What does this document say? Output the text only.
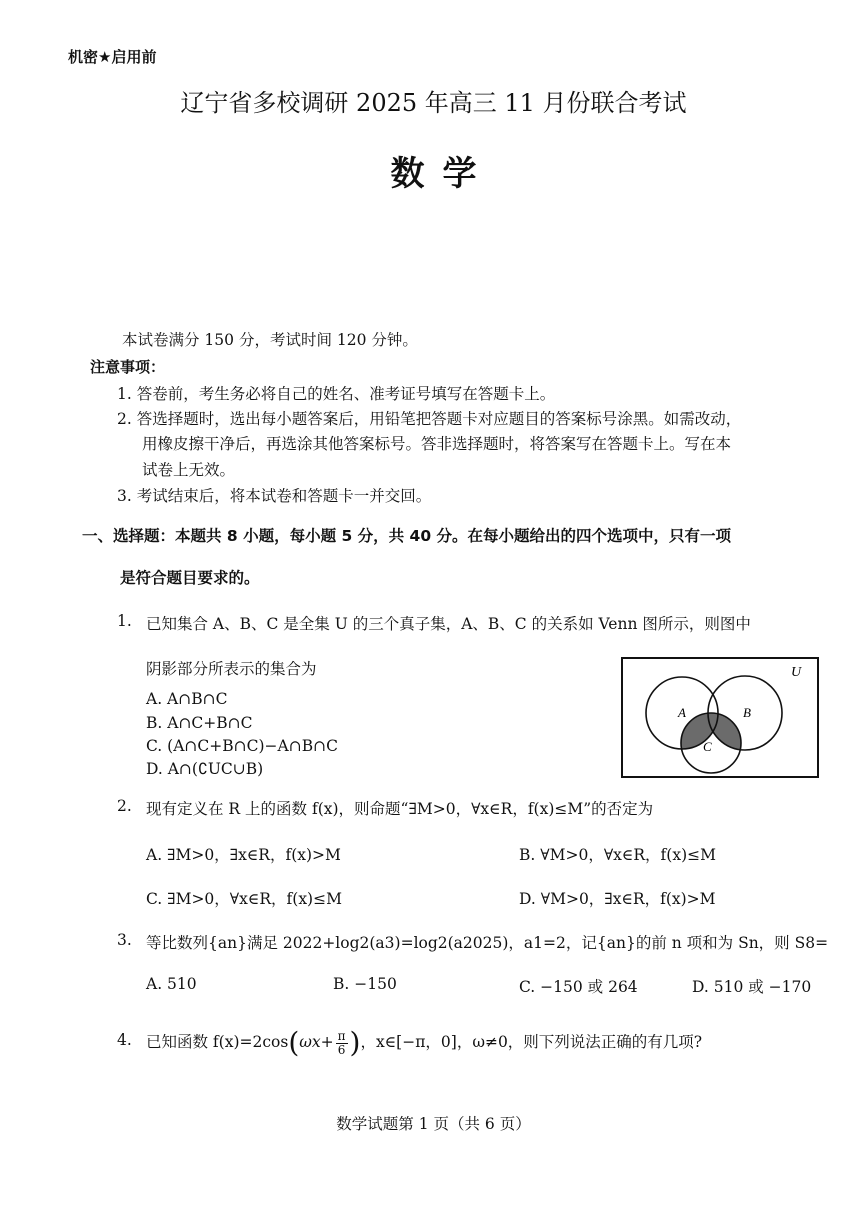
机密★启用前
辽宁省多校调研 2025 年高三 11 月份联合考试
数学
本试卷满分 150 分，考试时间 120 分钟。
注意事项：
1. 答卷前，考生务必将自己的姓名、准考证号填写在答题卡上。
2. 答选择题时，选出每小题答案后，用铅笔把答题卡对应题目的答案标号涂黑。如需改动，
用橡皮擦干净后，再选涂其他答案标号。答非选择题时，将答案写在答题卡上。写在本
试卷上无效。
3. 考试结束后，将本试卷和答题卡一并交回。
一、选择题：本题共 8 小题，每小题 5 分，共 40 分。在每小题给出的四个选项中，只有一项
是符合题目要求的。
1. 已知集合 A、B、C 是全集 U 的三个真子集，A、B、C 的关系如 Venn 图所示，则图中
阴影部分所表示的集合为
A. A∩B∩C
B. A∩C+B∩C
C. (A∩C+B∩C)−A∩B∩C
D. A∩(∁UC∪B)
U
A	B
C
2. 现有定义在 R 上的函数 f(x)，则命题“∃M>0，∀x∈R，f(x)≤M”的否定为
A. ∃M>0，∃x∈R，f(x)>M	B. ∀M>0，∀x∈R，f(x)≤M
C. ∃M>0，∀x∈R，f(x)≤M	D. ∀M>0，∃x∈R，f(x)>M
3. 等比数列{an}满足 2022+log2(a3)=log2(a2025)，a1=2，记{an}的前 n 项和为 Sn，则 S8=
A. 510	B. −150	C. −150 或 264	D. 510 或 −170
4. 已知函数 $f(x)=2\cos(\omega x+ \frac{\pi}{6}$ )，x∈[−π，0]，ω≠0，则下列说法正确的有几项?
数学试题第 1 页（共 6 页）
